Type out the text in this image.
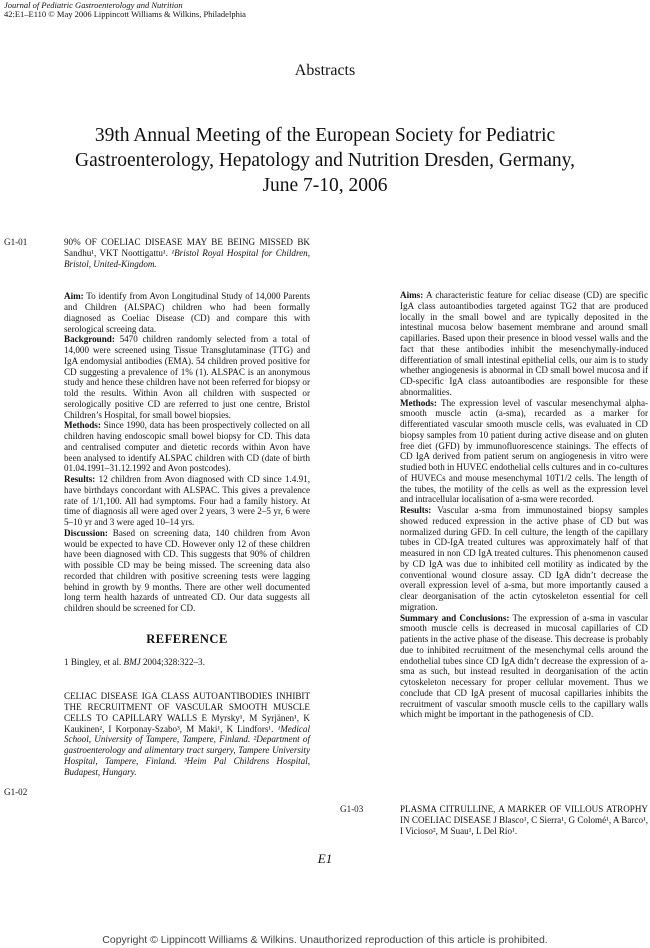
Journal of Pediatric Gastroenterology and Nutrition
42:E1–E110 © May 2006 Lippincott Williams & Wilkins, Philadelphia
Abstracts
39th Annual Meeting of the European Society for Pediatric Gastroenterology, Hepatology and Nutrition Dresden, Germany, June 7-10, 2006
G1-01
G1-02
G1-03

90% OF COELIAC DISEASE MAY BE BEING MISSED BK Sandhu¹, VKT Noottigattu¹. ¹Bristol Royal Hospital for Children, Bristol, United-Kingdom.

Aim: To identify from Avon Longitudinal Study of 14,000 Parents and Children (ALSPAC) children who had been formally diagnosed as Coeliac Disease (CD) and compare this with serological screeing data.

Background: 5470 children randomly selected from a total of 14,000 were screened using Tissue Transglutaminase (TTG) and IgA endomysial antibodies (EMA). 54 children proved positive for CD suggesting a prevalence of 1% (1). ALSPAC is an anonymous study and hence these children have not been referred for biopsy or told the results. Within Avon all children with suspected or serologically positive CD are referred to just one centre, Bristol Children’s Hospital, for small bowel biopsies.

Methods: Since 1990, data has been prospectively collected on all children having endoscopic small bowel biopsy for CD. This data and centralised computer and dietetic records within Avon have been analysed to identify ALSPAC children with CD (date of birth 01.04.1991–31.12.1992 and Avon postcodes).

Results: 12 children from Avon diagnosed with CD since 1.4.91, have birthdays concordant with ALSPAC. This gives a prevalence rate of 1/1,100. All had symptoms. Four had a family history. At time of diagnosis all were aged over 2 years, 3 were 2–5 yr, 6 were 5–10 yr and 3 were aged 10–14 yrs.

Discussion: Based on screening data, 140 children from Avon would be expected to have CD. However only 12 of these children have been diagnosed with CD. This suggests that 90% of children with possible CD may be being missed. The screening data also recorded that children with positive screening tests were lagging behind in growth by 9 months. There are other well documented long term health hazards of untreated CD. Our data suggests all children should be screened for CD.

REFERENCE

1 Bingley, et al. BMJ 2004;328:322–3.

CELIAC DISEASE IGA CLASS AUTOANTIBODIES INHIBIT THE RECRUITMENT OF VASCULAR SMOOTH MUSCLE CELLS TO CAPILLARY WALLS E Myrsky¹, M Syrjänen¹, K Kaukinen², I Korponay-Szabo³, M Maki¹, K Lindfors¹. ¹Medical School, University of Tampere, Tampere, Finland. ²Department of gastroenterology and alimentary tract surgery, Tampere University Hospital, Tampere, Finland. ³Heim Pal Childrens Hospital, Budapest, Hungary.

Aims: A characteristic feature for celiac disease (CD) are specific IgA class autoantibodies targeted against TG2 that are produced locally in the small bowel and are typically deposited in the intestinal mucosa below basement membrane and around small capillaries. Based upon their presence in blood vessel walls and the fact that these antibodies inhibit the mesenchymally-induced differentiation of small intestinal epithelial cells, our aim is to study whether angiogenesis is abnormal in CD small bowel mucosa and if CD-specific IgA class autoantibodies are responsible for these abnormalities.

Methods: The expression level of vascular mesenchymal alpha-smooth muscle actin (a-sma), recarded as a marker for differentiated vascular smooth muscle cells, was evaluated in CD biopsy samples from 10 patient during active disease and on gluten free diet (GFD) by immunofluorescence stainings. The effects of CD IgA derived from patient serum on angiogenesis in vitro were studied both in HUVEC endothelial cells cultures and in co-cultures of HUVECs and mouse mesenchymal 10T1/2 cells. The length of the tubes, the motility of the cells as well as the expression level and intracellular localisation of a-sma were recorded.

Results: Vascular a-sma from immunostained biopsy samples showed reduced expression in the active phase of CD but was normalized during GFD. In cell culture, the length of the capillary tubes in CD-IgA treated cultures was approximately half of that measured in non CD IgA treated cultures. This phenomenon caused by CD IgA was due to inhibited cell motility as indicated by the conventional wound closure assay. CD IgA didn’t decrease the overall expression level of a-sma, but more importantly caused a clear deorganisation of the actin cytoskeleton essential for cell migration.

Summary and Conclusions: The expression of a-sma in vascular smooth muscle cells is decreased in mucosal capillaries of CD patients in the active phase of the disease. This decrease is probably due to inhibited recruitment of the mesenchymal cells around the endothelial tubes since CD IgA didn’t decrease the expression of a-sma as such, but instead resulted in deorganisation of the actin cytoskeleton necessary for proper cellular movement. Thus we conclude that CD IgA present of mucosal capillaries inhibits the recruitment of vascular smooth muscle cells to the capillary walls which might be important in the pathogenesis of CD.

PLASMA CITRULLINE, A MARKER OF VILLOUS ATROPHY IN COELIAC DISEASE J Blasco¹, C Sierra¹, G Colomé¹, A Barco¹, I Vicioso², M Suau¹, L Del Río¹.

E1
Copyright © Lippincott Williams & Wilkins. Unauthorized reproduction of this article is prohibited.
